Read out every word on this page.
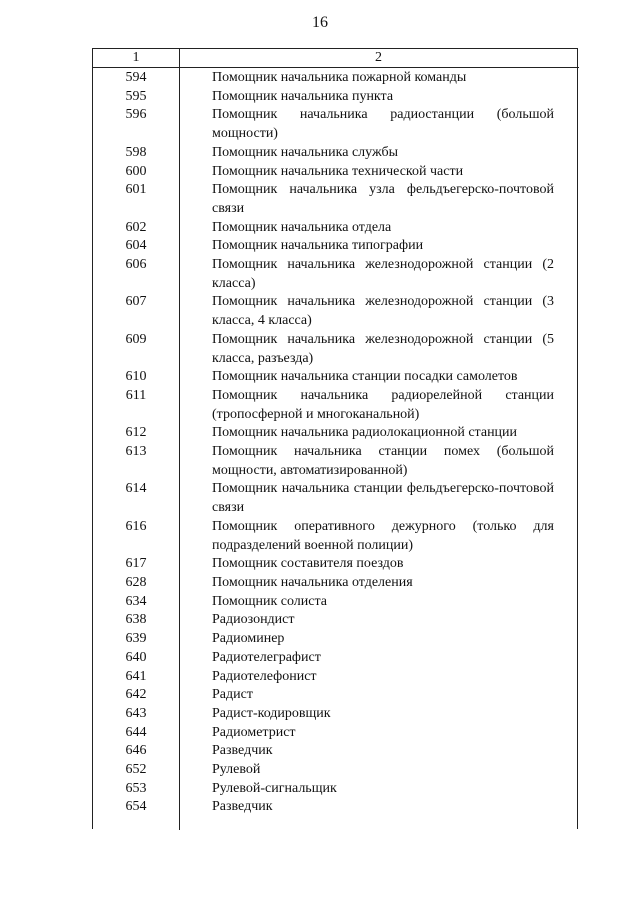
16
1	2
594	Помощник начальника пожарной команды
595	Помощник начальника пункта
596	Помощник начальника радиостанции (большой мощности)
598	Помощник начальника службы
600	Помощник начальника технической части
601	Помощник начальника узла фельдъегерско-почтовой связи
602	Помощник начальника отдела
604	Помощник начальника типографии
606	Помощник начальника железнодорожной станции (2 класса)
607	Помощник начальника железнодорожной станции (3 класса, 4 класса)
609	Помощник начальника железнодорожной станции (5 класса, разъезда)
610	Помощник начальника станции посадки самолетов
611	Помощник начальника радиорелейной станции (тропосферной и многоканальной)
612	Помощник начальника радиолокационной станции
613	Помощник начальника станции помех (большой мощности, автоматизированной)
614	Помощник начальника станции фельдъегерско-почтовой связи
616	Помощник оперативного дежурного (только для подразделений военной полиции)
617	Помощник составителя поездов
628	Помощник начальника отделения
634	Помощник солиста
638	Радиозондист
639	Радиоминер
640	Радиотелеграфист
641	Радиотелефонист
642	Радист
643	Радист-кодировщик
644	Радиометрист
646	Разведчик
652	Рулевой
653	Рулевой-сигнальщик
654	Разведчик
